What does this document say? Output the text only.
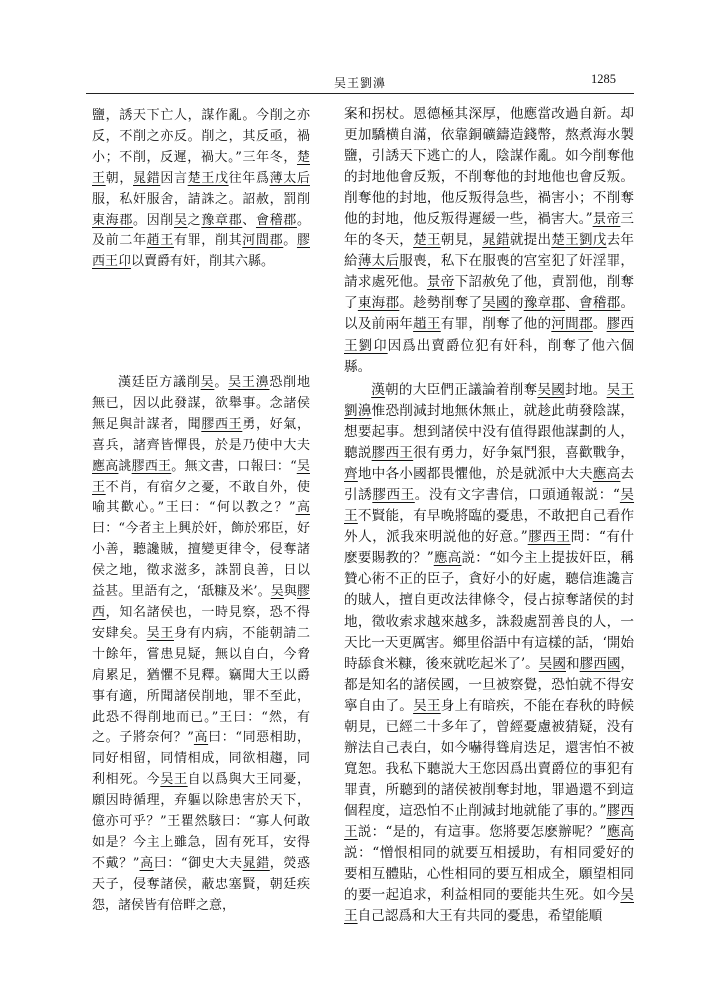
吴王劉濞	1285

鹽，誘天下亡人，謀作亂。今削之亦反，不削之亦反。削之，其反亟，禍小；不削，反遲，禍大。”三年冬，楚王朝，晁錯因言楚王戊往年爲薄太后服，私奸服舍，請誅之。詔赦，罰削東海郡。因削吴之豫章郡、會稽郡。及前二年趙王有罪，削其河間郡。膠西王卬以賣爵有奸，削其六縣。

漢廷臣方議削吴。吴王濞恐削地無已，因以此發謀，欲舉事。念諸侯無足與計謀者，聞膠西王勇，好氣，喜兵，諸齊皆憚畏，於是乃使中大夫應高誂膠西王。無文書，口報曰：“吴王不肖，有宿夕之憂，不敢自外，使喻其歡心。”王曰：“何以教之？”高曰：“今者主上興於奸，飾於邪臣，好小善，聽讒賊，擅變更律令，侵奪諸侯之地，徵求滋多，誅罰良善，日以益甚。里語有之，‘舐糠及米’。吴與膠西，知名諸侯也，一時見察，恐不得安肆矣。吴王身有内病，不能朝請二十餘年，嘗患見疑，無以自白，今脅肩累足，猶懼不見釋。竊聞大王以爵事有適，所聞諸侯削地，罪不至此，此恐不得削地而已。”王曰：“然，有之。子將奈何？”高曰：“同惡相助，同好相留，同情相成，同欲相趨，同利相死。今吴王自以爲與大王同憂，願因時循理，弃軀以除患害於天下，億亦可乎？”王瞿然駭曰：“寡人何敢如是？今主上雖急，固有死耳，安得不戴？”高曰：“御史大夫晁錯，熒惑天子，侵奪諸侯，蔽忠塞賢，朝廷疾怨，諸侯皆有倍畔之意，

案和拐杖。恩德極其深厚，他應當改過自新。却更加驕横自滿，依靠銅礦鑄造錢幣，熬煮海水製鹽，引誘天下逃亡的人，陰謀作亂。如今削奪他的封地他會反叛，不削奪他的封地他也會反叛。削奪他的封地，他反叛得急些，禍害小；不削奪他的封地，他反叛得遲緩一些，禍害大。”景帝三年的冬天，楚王朝見，晁錯就提出楚王劉戊去年給薄太后服喪，私下在服喪的宫室犯了奸淫罪，請求處死他。景帝下詔赦免了他，責罰他，削奪了東海郡。趁勢削奪了吴國的豫章郡、會稽郡。以及前兩年趙王有罪，削奪了他的河間郡。膠西王劉卬因爲出賣爵位犯有奸科，削奪了他六個縣。

漢朝的大臣們正議論着削奪吴國封地。吴王劉濞惟恐削減封地無休無止，就趁此萌發陰謀，想要起事。想到諸侯中没有值得跟他謀劃的人，聽説膠西王很有勇力，好争氣鬥狠，喜歡戰争，齊地中各小國都畏懼他，於是就派中大夫應高去引誘膠西王。没有文字書信，口頭通報説：“吴王不賢能，有早晚將臨的憂患，不敢把自己看作外人，派我來明説他的好意。”膠西王問：“有什麽要賜教的？”應高説：“如今主上提拔奸臣，稱贊心術不正的臣子，貪好小的好處，聽信進讒言的賊人，擅自更改法律條令，侵占掠奪諸侯的封地，徵收索求越來越多，誅殺處罰善良的人，一天比一天更厲害。鄉里俗語中有這樣的話，‘開始時舔食米糠，後來就吃起米了’。吴國和膠西國，都是知名的諸侯國，一旦被察覺，恐怕就不得安寧自由了。吴王身上有暗疾，不能在春秋的時候朝見，已經二十多年了，曾經憂慮被猜疑，没有辦法自己表白，如今嚇得聳肩迭足，還害怕不被寬恕。我私下聽説大王您因爲出賣爵位的事犯有罪責，所聽到的諸侯被削奪封地，罪過還不到這個程度，這恐怕不止削減封地就能了事的。”膠西王説：“是的，有這事。您將要怎麽辦呢？”應高説：“憎恨相同的就要互相援助，有相同愛好的要相互體貼，心性相同的要互相成全，願望相同的要一起追求，利益相同的要能共生死。如今吴王自己認爲和大王有共同的憂患，希望能順
